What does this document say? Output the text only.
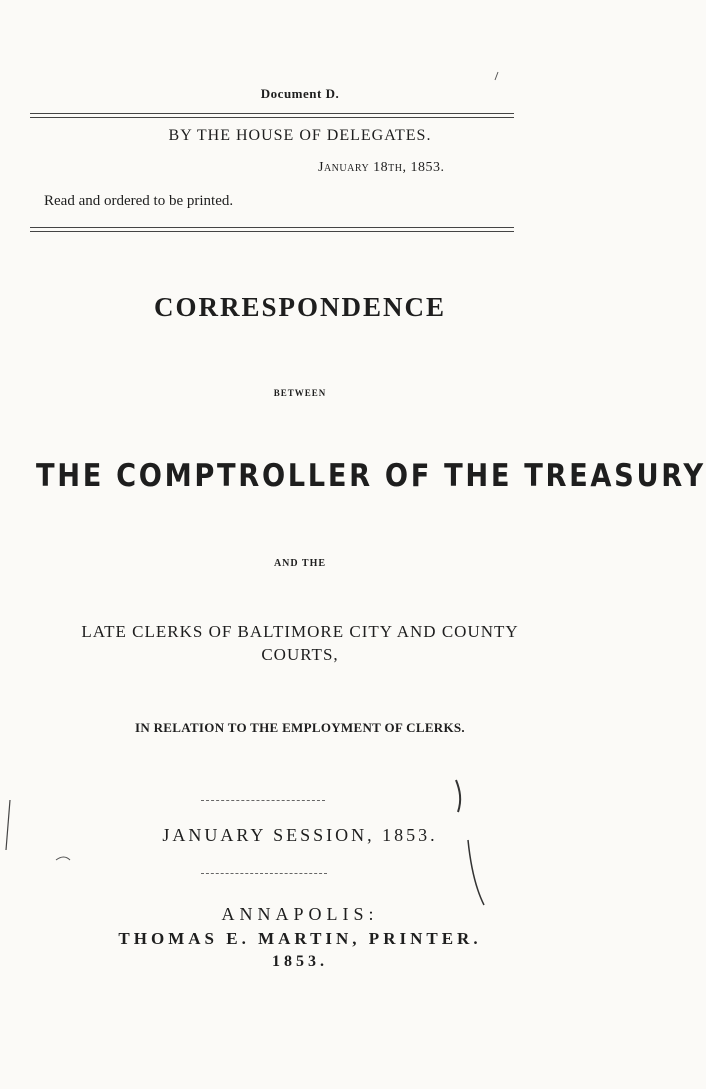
Document D.
BY THE HOUSE OF DELEGATES.
January 18th, 1853.
Read and ordered to be printed.
CORRESPONDENCE
BETWEEN
THE COMPTROLLER OF THE TREASURY
AND THE
LATE CLERKS OF BALTIMORE CITY AND COUNTY
COURTS,
IN RELATION TO THE EMPLOYMENT OF CLERKS.
JANUARY SESSION, 1853.
ANNAPOLIS:
THOMAS E. MARTIN, PRINTER.
1853.
